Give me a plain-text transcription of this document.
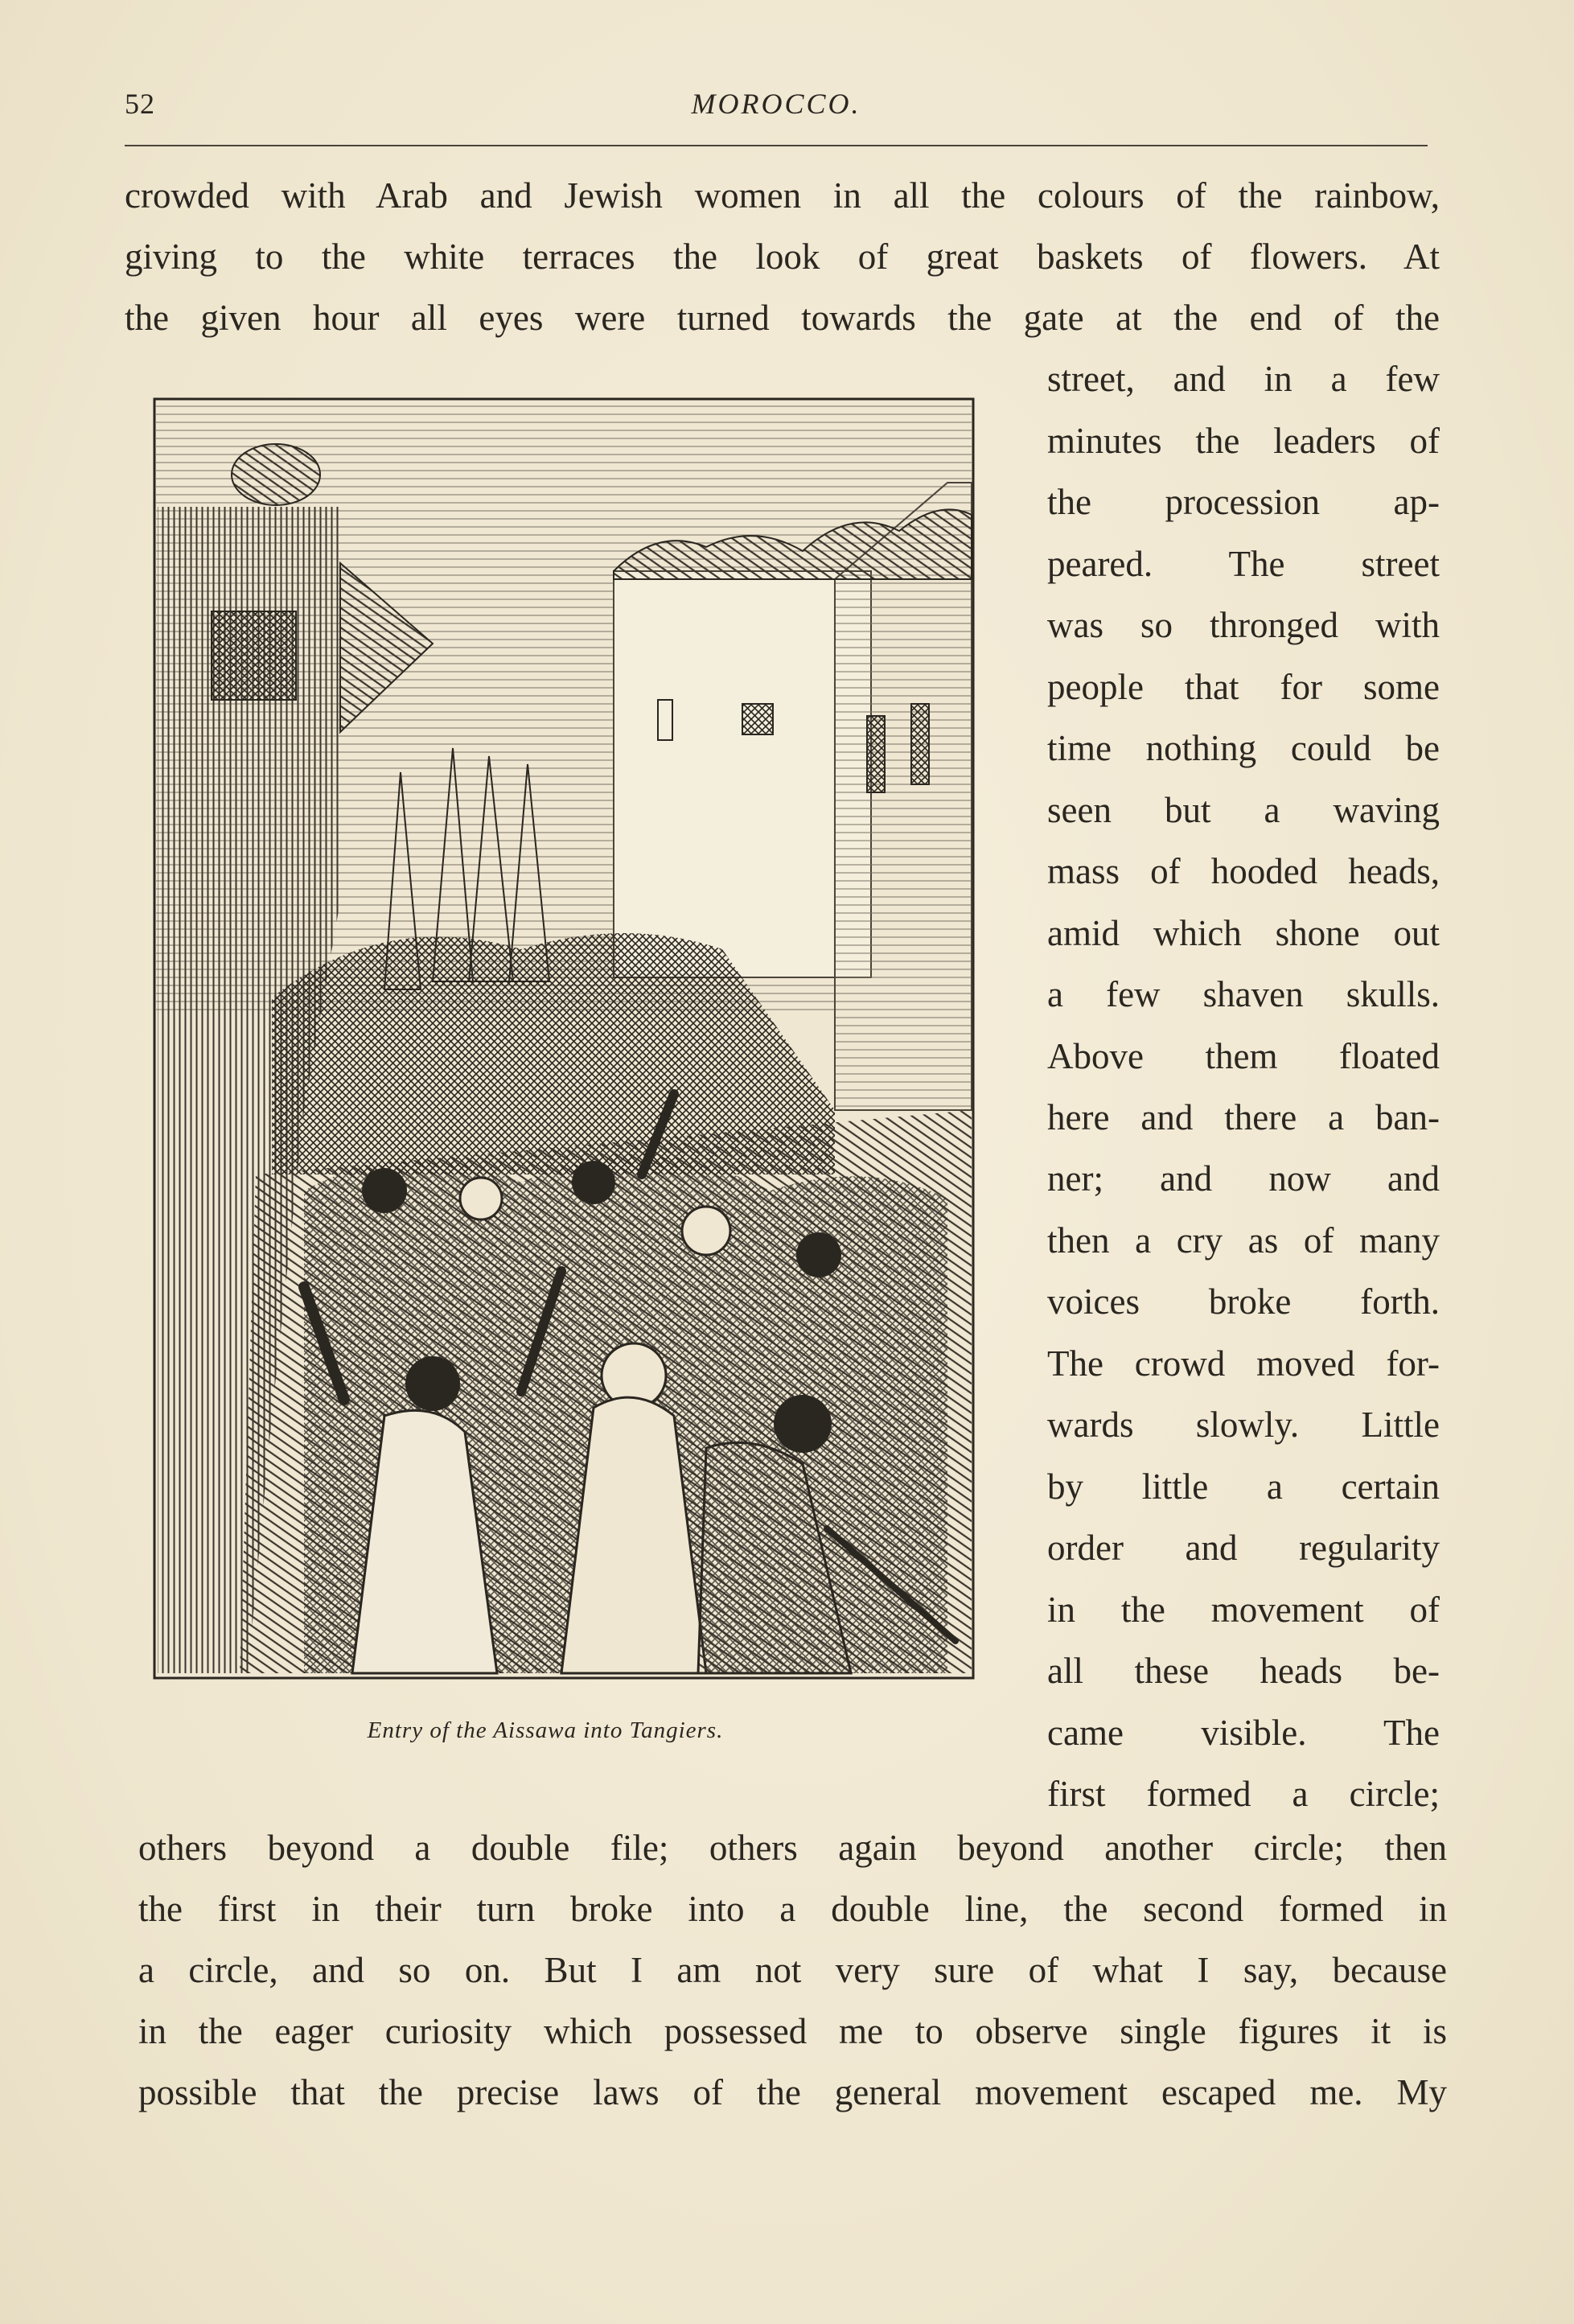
52	MOROCCO.
crowded with Arab and Jewish women in all the colours of the rainbow,
giving to the white terraces the look of great baskets of flowers. At
the given hour all eyes were turned towards the gate at the end of the
street, and in a few
minutes the leaders of
the procession ap-
peared. The street
was so thronged with
people that for some
time nothing could be
seen but a waving
mass of hooded heads,
amid which shone out
a few shaven skulls.
Above them floated
here and there a ban-
ner; and now and
then a cry as of many
voices broke forth.
The crowd moved for-
wards slowly. Little
by little a certain
order and regularity
in the movement of
all these heads be-
came visible. The
first formed a circle;
others beyond a double file; others again beyond another circle; then
the first in their turn broke into a double line, the second formed in
a circle, and so on. But I am not very sure of what I say, because
in the eager curiosity which possessed me to observe single figures it is
possible that the precise laws of the general movement escaped me. My
Entry of the Aissawa into Tangiers.
